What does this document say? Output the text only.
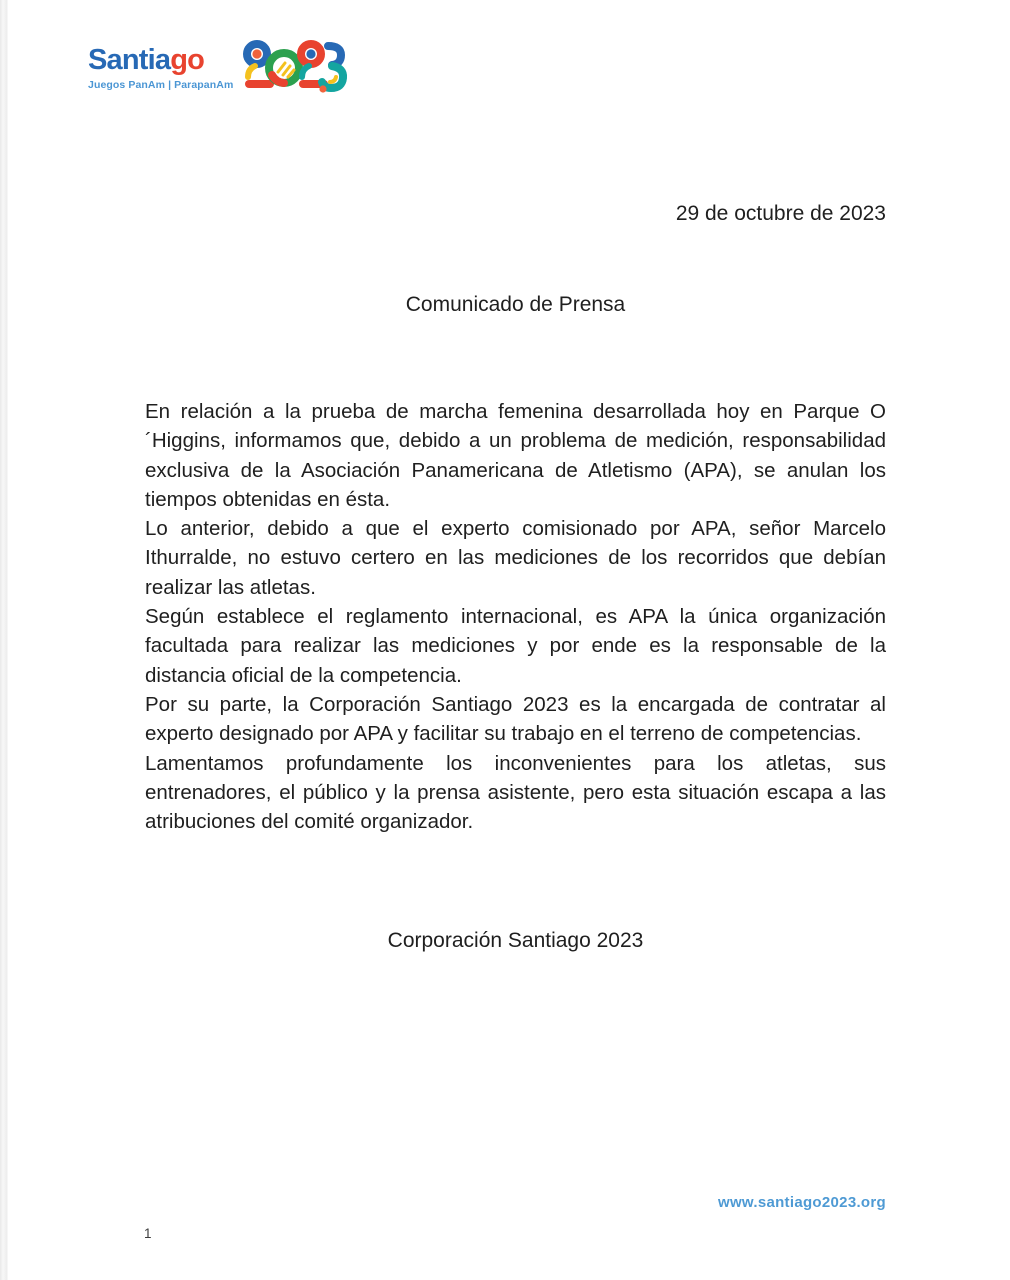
Santiago
Juegos PanAm | ParapanAm
29 de octubre de 2023
Comunicado de Prensa

En relación a la prueba de marcha femenina desarrollada hoy en Parque O´Higgins, informamos que, debido a un problema de medición, responsabilidad exclusiva de la Asociación Panamericana de Atletismo (APA), se anulan los tiempos obtenidas en ésta.

Lo anterior, debido a que el experto comisionado por APA, señor Marcelo Ithurralde, no estuvo certero en las mediciones de los recorridos que debían realizar las atletas.

Según establece el reglamento internacional, es APA la única organización facultada para realizar las mediciones y por ende es la responsable de la distancia oficial de la competencia.

Por su parte, la Corporación Santiago 2023 es la encargada de contratar al experto designado por APA y facilitar su trabajo en el terreno de competencias.

Lamentamos profundamente los inconvenientes para los atletas, sus entrenadores, el público y la prensa asistente, pero esta situación escapa a las atribuciones del comité organizador.

Corporación Santiago 2023
www.santiago2023.org
1
